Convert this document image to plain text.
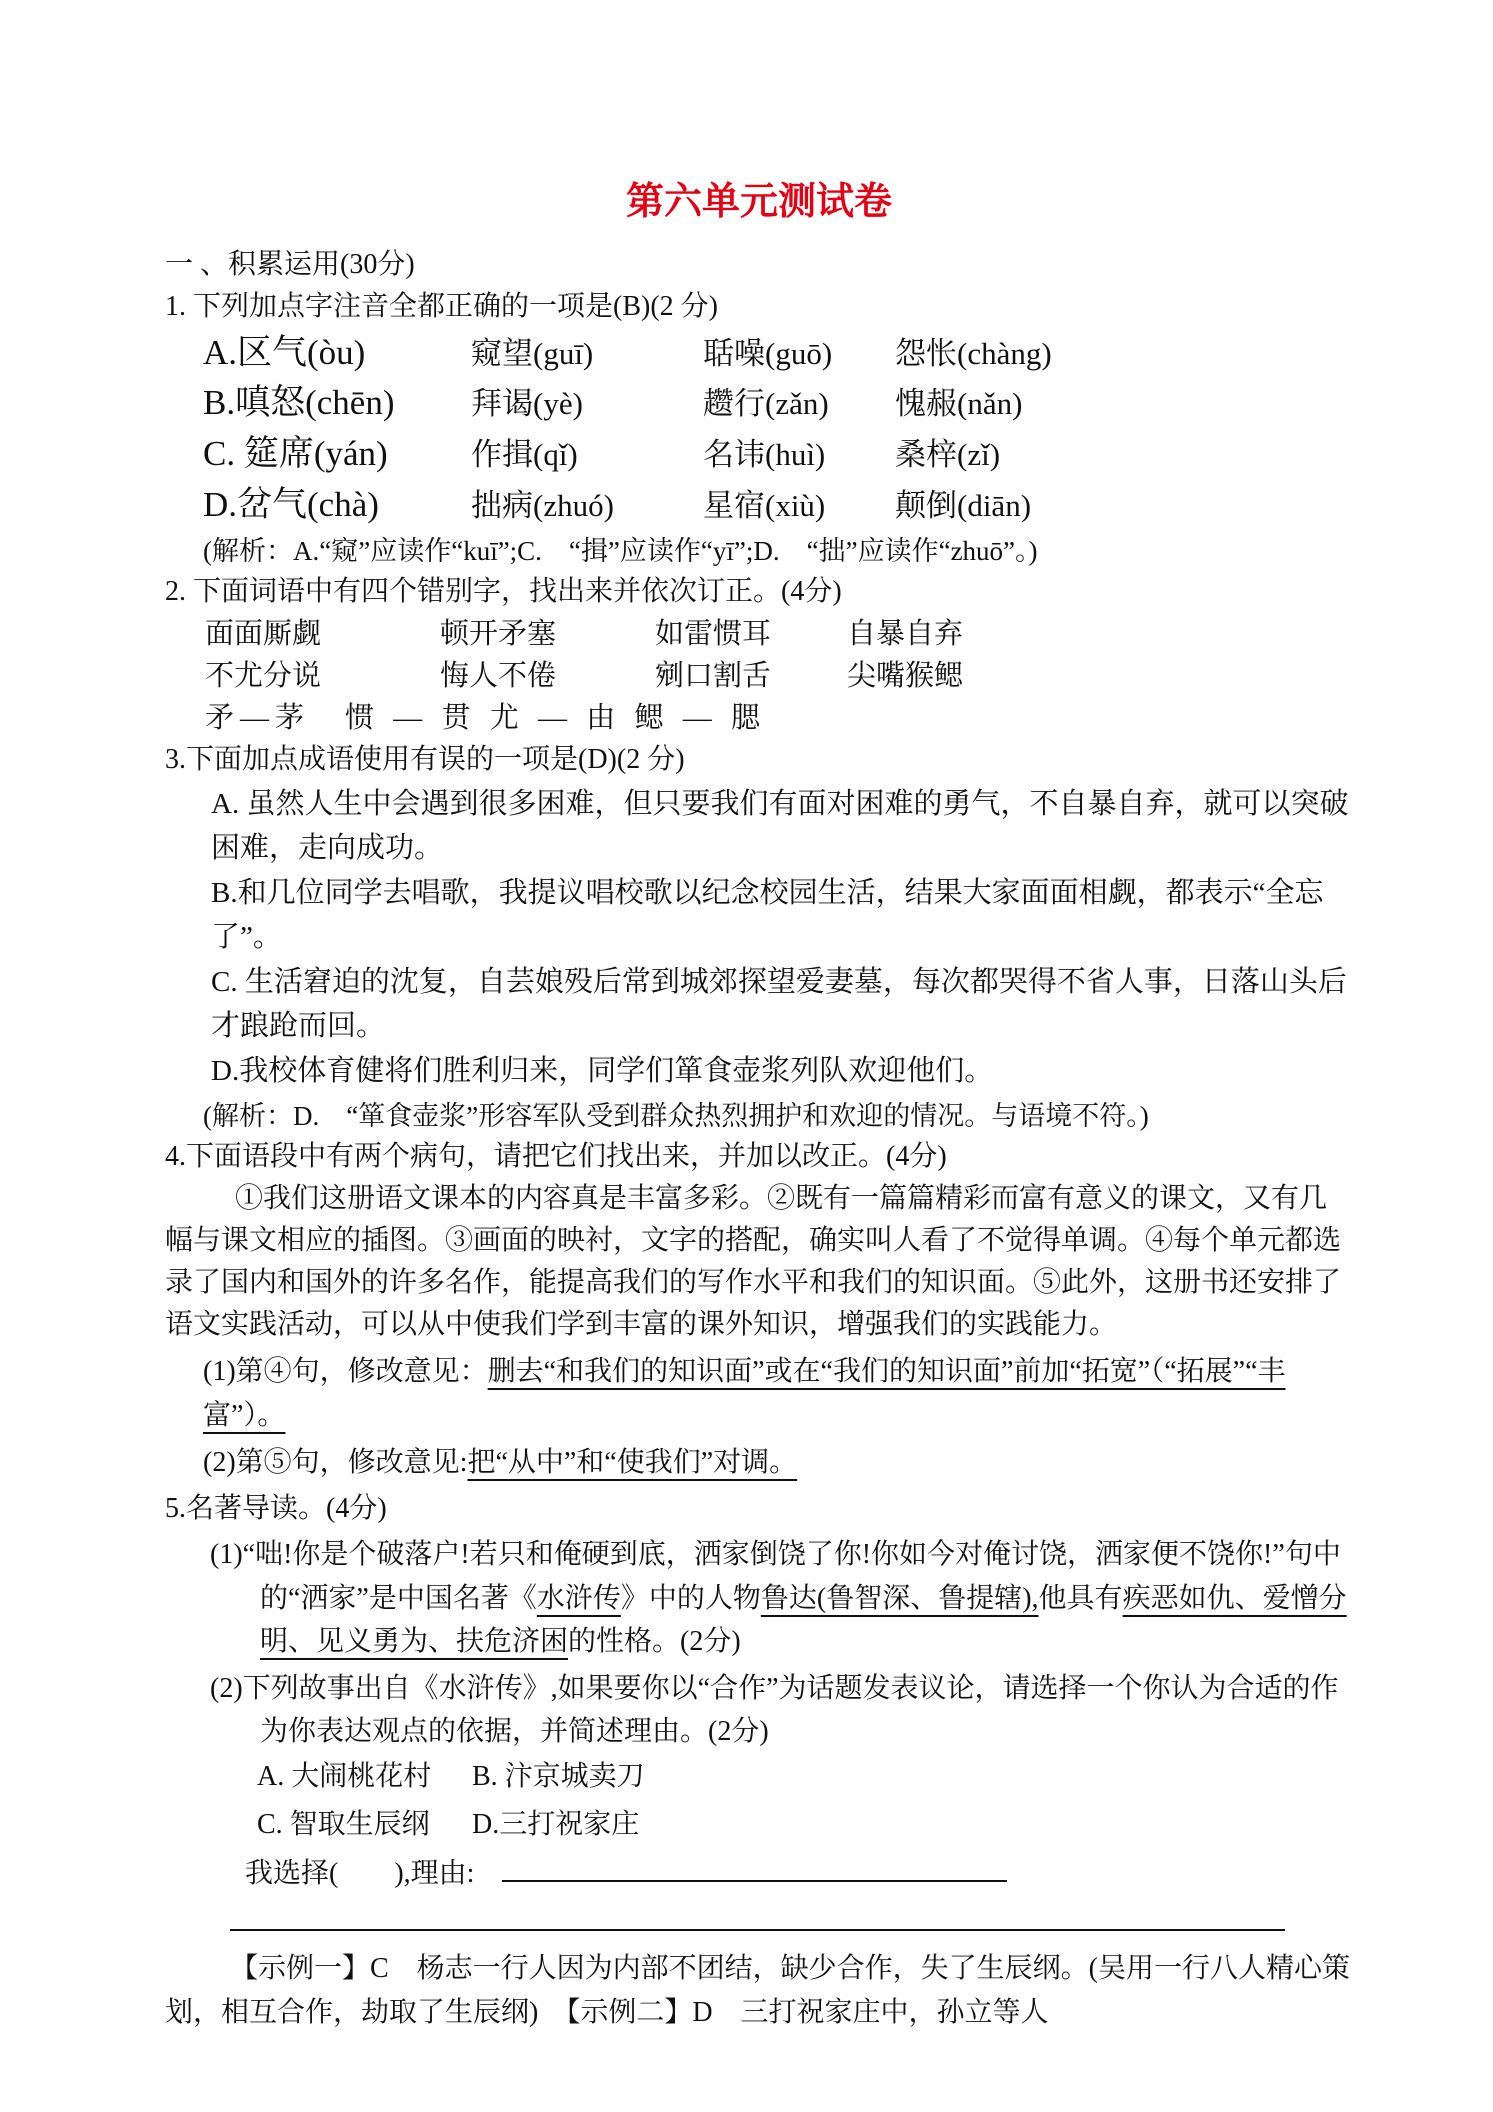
第六单元测试卷
一 、积累运用(30分)
1. 下列加点字注音全都正确的一项是(B)(2 分)
A.区气(òu)	窥望(guī)	聒噪(guō)	怨怅(chàng)
B.嗔怒(chēn)	拜谒(yè)	趱行(zǎn)	愧赧(nǎn)
C. 筵席(yán)	作揖(qǐ)	名讳(huì)	桑梓(zǐ)
D.岔气(chà)	拙病(zhuó)	星宿(xiù)	颠倒(diān)
(解析：A.“窥”应读作“kuī”;C.　“揖”应读作“yī”;D.　“拙”应读作“zhuō”。)
2. 下面词语中有四个错别字，找出来并依次订正。(4分)
面面厮觑	顿开矛塞	如雷惯耳	自暴自弃
不尤分说	悔人不倦	剜口割舌	尖嘴猴鳃
矛—茅　惯 — 贯 尤 — 由 鳃 — 腮
3.下面加点成语使用有误的一项是(D)(2 分)
A. 虽然人生中会遇到很多困难，但只要我们有面对困难的勇气，不自暴自弃，就可以突破困难，走向成功。
B.和几位同学去唱歌，我提议唱校歌以纪念校园生活，结果大家面面相觑，都表示“全忘了”。
C. 生活窘迫的沈复，自芸娘殁后常到城郊探望爱妻墓，每次都哭得不省人事，日落山头后才踉跄而回。
D.我校体育健将们胜利归来，同学们箪食壶浆列队欢迎他们。
(解析：D.　“箪食壶浆”形容军队受到群众热烈拥护和欢迎的情况。与语境不符。)
4.下面语段中有两个病句，请把它们找出来，并加以改正。(4分)
①我们这册语文课本的内容真是丰富多彩。②既有一篇篇精彩而富有意义的课文，又有几幅与课文相应的插图。③画面的映衬，文字的搭配，确实叫人看了不觉得单调。④每个单元都选录了国内和国外的许多名作，能提高我们的写作水平和我们的知识面。⑤此外，这册书还安排了语文实践活动，可以从中使我们学到丰富的课外知识，增强我们的实践能力。
(1)第④句，修改意见：删去“和我们的知识面”或在“我们的知识面”前加“拓宽”（“拓展”“丰富”）。
(2)第⑤句，修改意见:把“从中”和“使我们”对调。
5.名著导读。(4分)
(1)“咄!你是个破落户!若只和俺硬到底，洒家倒饶了你!你如今对俺讨饶，洒家便不饶你!”句中的“洒家”是中国名著《水浒传》中的人物鲁达(鲁智深、鲁提辖),他具有疾恶如仇、爱憎分明、见义勇为、扶危济困的性格。(2分)
(2)下列故事出自《水浒传》,如果要你以“合作”为话题发表议论，请选择一个你认为合适的作为你表达观点的依据，并简述理由。(2分)
A. 大闹桃花村	B. 汴京城卖刀
C. 智取生辰纲	D.三打祝家庄
我选择(　　),理由:
【示例一】C　杨志一行人因为内部不团结，缺少合作，失了生辰纲。(吴用一行八人精心策划，相互合作，劫取了生辰纲)　【示例二】D　三打祝家庄中，孙立等人
